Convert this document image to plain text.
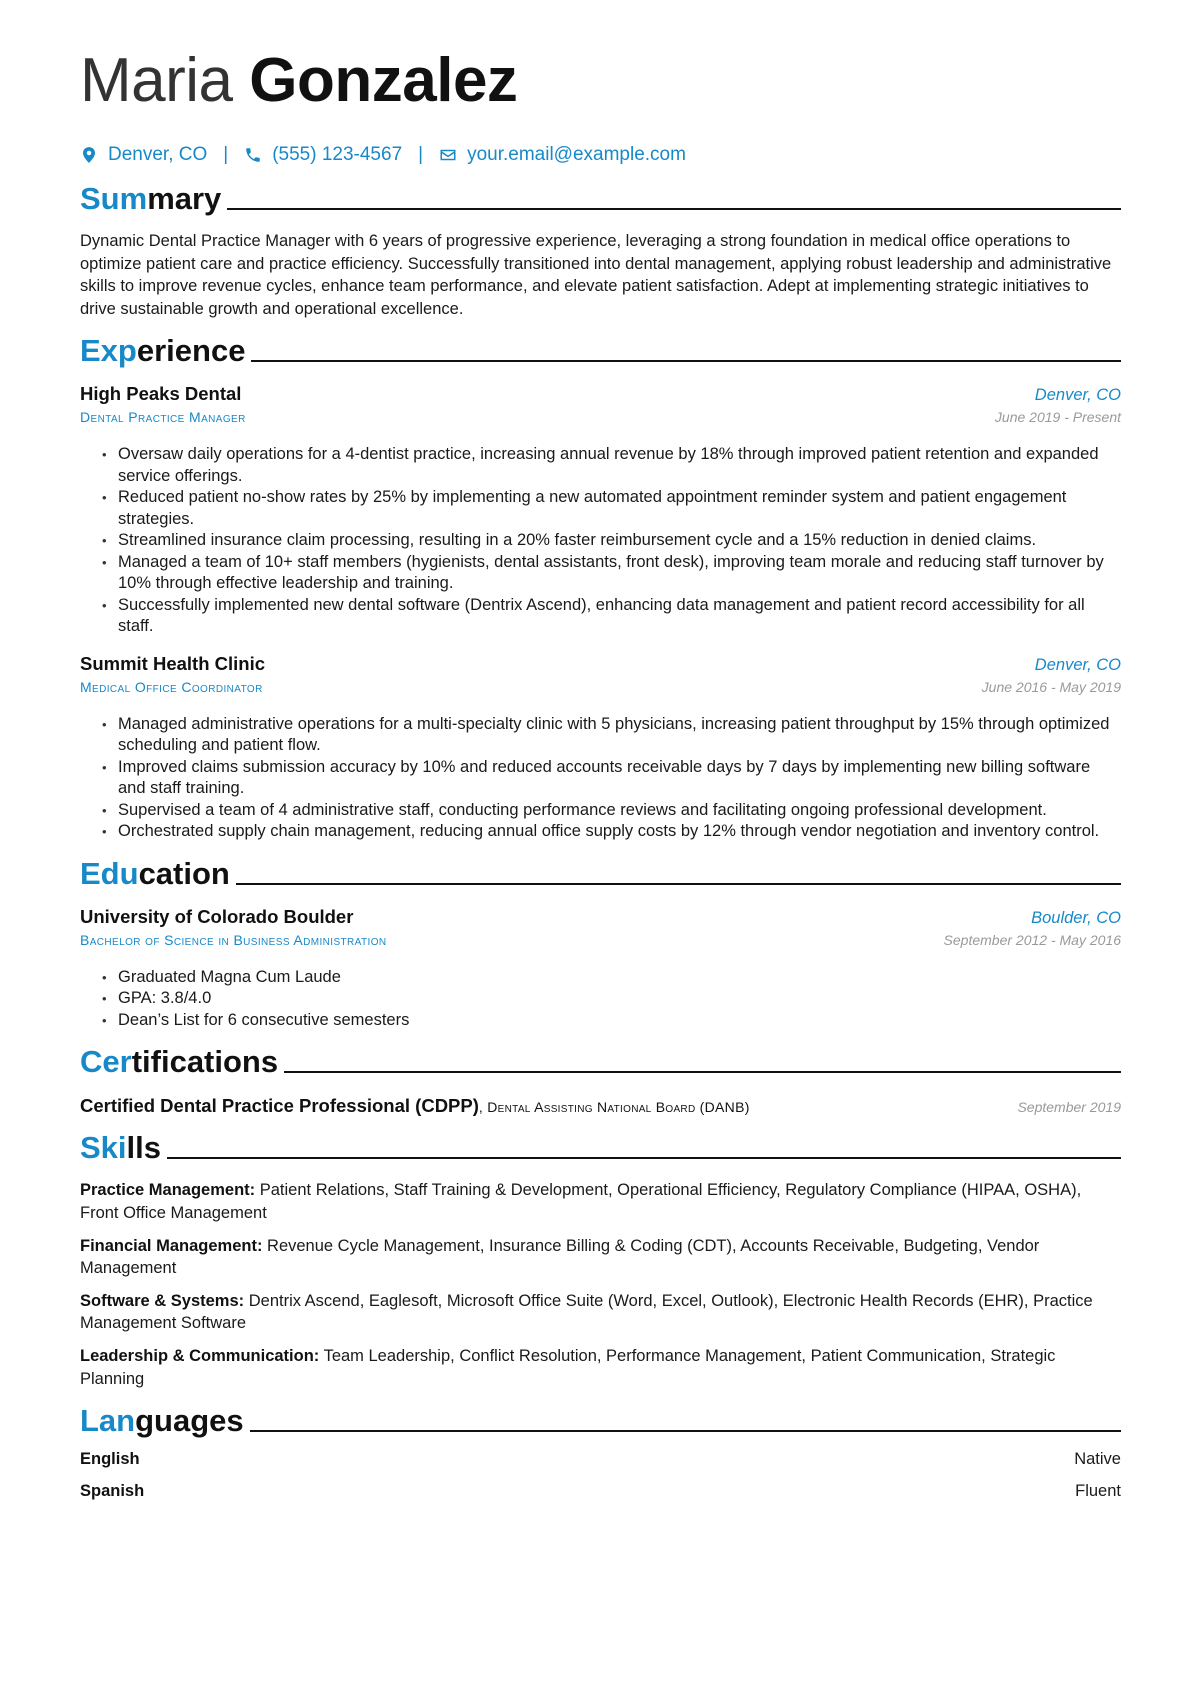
Maria Gonzalez
Denver, CO | (555) 123-4567 | your.email@example.com
Summary

Dynamic Dental Practice Manager with 6 years of progressive experience, leveraging a strong foundation in medical office operations to optimize patient care and practice efficiency. Successfully transitioned into dental management, applying robust leadership and administrative skills to improve revenue cycles, enhance team performance, and elevate patient satisfaction. Adept at implementing strategic initiatives to drive sustainable growth and operational excellence.

Experience
High Peaks Dental	Denver, CO
Dental Practice Manager	June 2019 - Present
• Oversaw daily operations for a 4-dentist practice, increasing annual revenue by 18% through improved patient retention and expanded service offerings.
• Reduced patient no-show rates by 25% by implementing a new automated appointment reminder system and patient engagement strategies.
• Streamlined insurance claim processing, resulting in a 20% faster reimbursement cycle and a 15% reduction in denied claims.
• Managed a team of 10+ staff members (hygienists, dental assistants, front desk), improving team morale and reducing staff turnover by 10% through effective leadership and training.
• Successfully implemented new dental software (Dentrix Ascend), enhancing data management and patient record accessibility for all staff.
Summit Health Clinic	Denver, CO
Medical Office Coordinator	June 2016 - May 2019
• Managed administrative operations for a multi-specialty clinic with 5 physicians, increasing patient throughput by 15% through optimized scheduling and patient flow.
• Improved claims submission accuracy by 10% and reduced accounts receivable days by 7 days by implementing new billing software and staff training.
• Supervised a team of 4 administrative staff, conducting performance reviews and facilitating ongoing professional development.
• Orchestrated supply chain management, reducing annual office supply costs by 12% through vendor negotiation and inventory control.
Education
University of Colorado Boulder	Boulder, CO
Bachelor of Science in Business Administration	September 2012 - May 2016
• Graduated Magna Cum Laude
• GPA: 3.8/4.0
• Dean’s List for 6 consecutive semesters
Certifications
Certified Dental Practice Professional (CDPP), Dental Assisting National Board (DANB)	September 2019
Skills

Practice Management: Patient Relations, Staff Training & Development, Operational Efficiency, Regulatory Compliance (HIPAA, OSHA), Front Office Management

Financial Management: Revenue Cycle Management, Insurance Billing & Coding (CDT), Accounts Receivable, Budgeting, Vendor Management

Software & Systems: Dentrix Ascend, Eaglesoft, Microsoft Office Suite (Word, Excel, Outlook), Electronic Health Records (EHR), Practice Management Software

Leadership & Communication: Team Leadership, Conflict Resolution, Performance Management, Patient Communication, Strategic Planning

Languages
English	Native
Spanish	Fluent
